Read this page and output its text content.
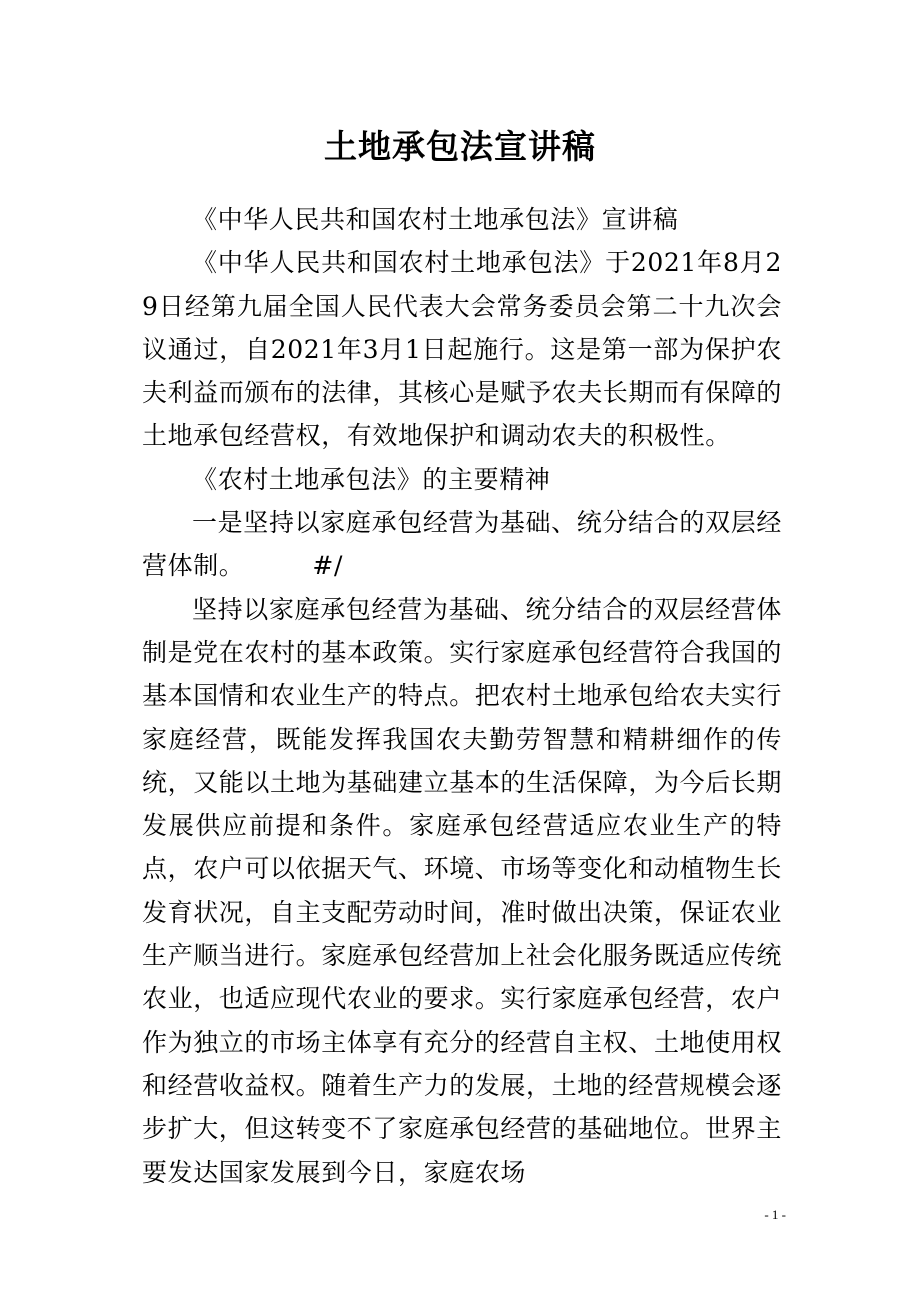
土地承包法宣讲稿

《中华人民共和国农村土地承包法》宣讲稿

《中华人民共和国农村土地承包法》于2021年8月29日经第九届全国人民代表大会常务委员会第二十九次会议通过，自2021年3月1日起施行。这是第一部为保护农夫利益而颁布的法律，其核心是赋予农夫长期而有保障的土地承包经营权，有效地保护和调动农夫的积极性。

《农村土地承包法》的主要精神

一是坚持以家庭承包经营为基础、统分结合的双层经营体制。	#/

坚持以家庭承包经营为基础、统分结合的双层经营体制是党在农村的基本政策。实行家庭承包经营符合我国的基本国情和农业生产的特点。把农村土地承包给农夫实行家庭经营，既能发挥我国农夫勤劳智慧和精耕细作的传统，又能以土地为基础建立基本的生活保障，为今后长期发展供应前提和条件。家庭承包经营适应农业生产的特点，农户可以依据天气、环境、市场等变化和动植物生长发育状况，自主支配劳动时间，准时做出决策，保证农业生产顺当进行。家庭承包经营加上社会化服务既适应传统农业，也适应现代农业的要求。实行家庭承包经营，农户作为独立的市场主体享有充分的经营自主权、土地使用权和经营收益权。随着生产力的发展，土地的经营规模会逐步扩大，但这转变不了家庭承包经营的基础地位。世界主要发达国家发展到今日，家庭农场

- 1 -
